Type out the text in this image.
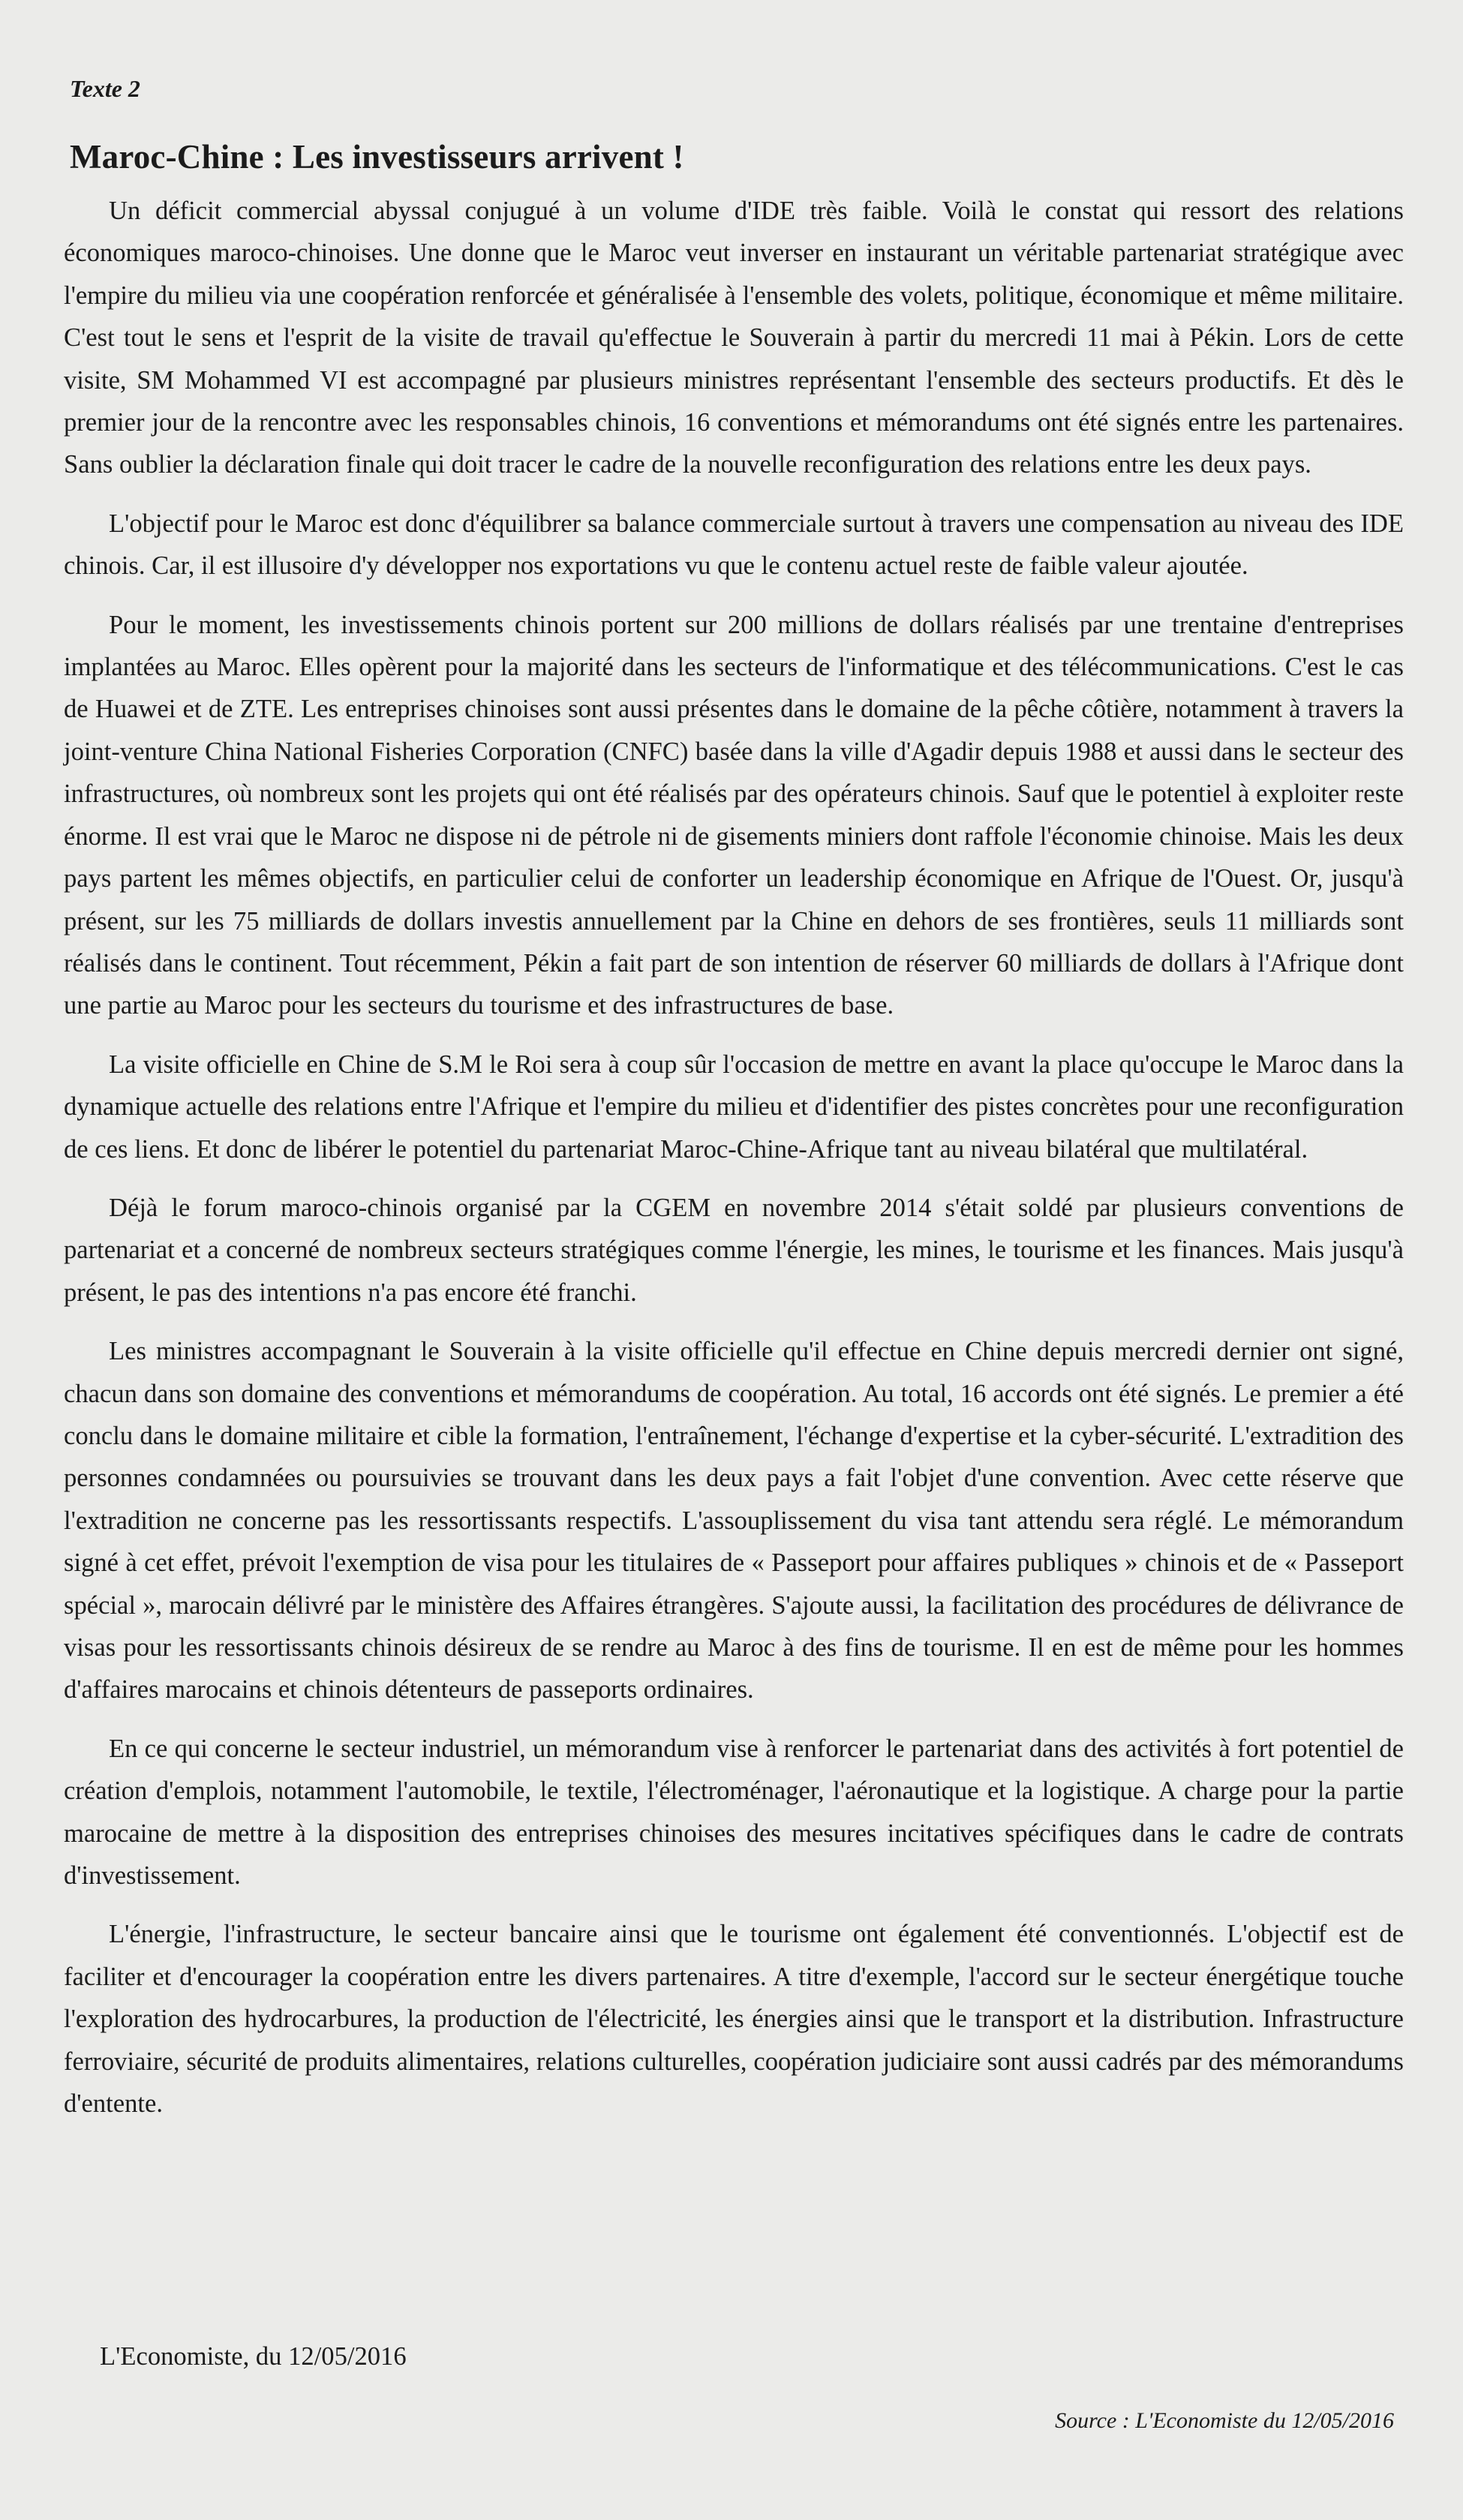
Texte 2

Maroc-Chine : Les investisseurs arrivent !

Un déficit commercial abyssal conjugué à un volume d'IDE très faible. Voilà le constat qui ressort des relations économiques maroco-chinoises. Une donne que le Maroc veut inverser en instaurant un véritable partenariat stratégique avec l'empire du milieu via une coopération renforcée et généralisée à l'ensemble des volets, politique, économique et même militaire. C'est tout le sens et l'esprit de la visite de travail qu'effectue le Souverain à partir du mercredi 11 mai à Pékin. Lors de cette visite, SM Mohammed VI est accompagné par plusieurs ministres représentant l'ensemble des secteurs productifs. Et dès le premier jour de la rencontre avec les responsables chinois, 16 conventions et mémorandums ont été signés entre les partenaires. Sans oublier la déclaration finale qui doit tracer le cadre de la nouvelle reconfiguration des relations entre les deux pays.

L'objectif pour le Maroc est donc d'équilibrer sa balance commerciale surtout à travers une compensation au niveau des IDE chinois. Car, il est illusoire d'y développer nos exportations vu que le contenu actuel reste de faible valeur ajoutée.

Pour le moment, les investissements chinois portent sur 200 millions de dollars réalisés par une trentaine d'entreprises implantées au Maroc. Elles opèrent pour la majorité dans les secteurs de l'informatique et des télécommunications. C'est le cas de Huawei et de ZTE. Les entreprises chinoises sont aussi présentes dans le domaine de la pêche côtière, notamment à travers la joint-venture China National Fisheries Corporation (CNFC) basée dans la ville d'Agadir depuis 1988 et aussi dans le secteur des infrastructures, où nombreux sont les projets qui ont été réalisés par des opérateurs chinois. Sauf que le potentiel à exploiter reste énorme. Il est vrai que le Maroc ne dispose ni de pétrole ni de gisements miniers dont raffole l'économie chinoise. Mais les deux pays partent les mêmes objectifs, en particulier celui de conforter un leadership économique en Afrique de l'Ouest. Or, jusqu'à présent, sur les 75 milliards de dollars investis annuellement par la Chine en dehors de ses frontières, seuls 11 milliards sont réalisés dans le continent. Tout récemment, Pékin a fait part de son intention de réserver 60 milliards de dollars à l'Afrique dont une partie au Maroc pour les secteurs du tourisme et des infrastructures de base.

La visite officielle en Chine de S.M le Roi sera à coup sûr l'occasion de mettre en avant la place qu'occupe le Maroc dans la dynamique actuelle des relations entre l'Afrique et l'empire du milieu et d'identifier des pistes concrètes pour une reconfiguration de ces liens. Et donc de libérer le potentiel du partenariat Maroc-Chine-Afrique tant au niveau bilatéral que multilatéral.

Déjà le forum maroco-chinois organisé par la CGEM en novembre 2014 s'était soldé par plusieurs conventions de partenariat et a concerné de nombreux secteurs stratégiques comme l'énergie, les mines, le tourisme et les finances. Mais jusqu'à présent, le pas des intentions n'a pas encore été franchi.

Les ministres accompagnant le Souverain à la visite officielle qu'il effectue en Chine depuis mercredi dernier ont signé, chacun dans son domaine des conventions et mémorandums de coopération. Au total, 16 accords ont été signés. Le premier a été conclu dans le domaine militaire et cible la formation, l'entraînement, l'échange d'expertise et la cyber-sécurité. L'extradition des personnes condamnées ou poursuivies se trouvant dans les deux pays a fait l'objet d'une convention. Avec cette réserve que l'extradition ne concerne pas les ressortissants respectifs. L'assouplissement du visa tant attendu sera réglé. Le mémorandum signé à cet effet, prévoit l'exemption de visa pour les titulaires de « Passeport pour affaires publiques » chinois et de « Passeport spécial », marocain délivré par le ministère des Affaires étrangères. S'ajoute aussi, la facilitation des procédures de délivrance de visas pour les ressortissants chinois désireux de se rendre au Maroc à des fins de tourisme. Il en est de même pour les hommes d'affaires marocains et chinois détenteurs de passeports ordinaires.

En ce qui concerne le secteur industriel, un mémorandum vise à renforcer le partenariat dans des activités à fort potentiel de création d'emplois, notamment l'automobile, le textile, l'électroménager, l'aéronautique et la logistique. A charge pour la partie marocaine de mettre à la disposition des entreprises chinoises des mesures incitatives spécifiques dans le cadre de contrats d'investissement.

L'énergie, l'infrastructure, le secteur bancaire ainsi que le tourisme ont également été conventionnés. L'objectif est de faciliter et d'encourager la coopération entre les divers partenaires. A titre d'exemple, l'accord sur le secteur énergétique touche l'exploration des hydrocarbures, la production de l'électricité, les énergies ainsi que le transport et la distribution. Infrastructure ferroviaire, sécurité de produits alimentaires, relations culturelles, coopération judiciaire sont aussi cadrés par des mémorandums d'entente.

L'Economiste, du 12/05/2016

Source : L'Economiste du 12/05/2016
